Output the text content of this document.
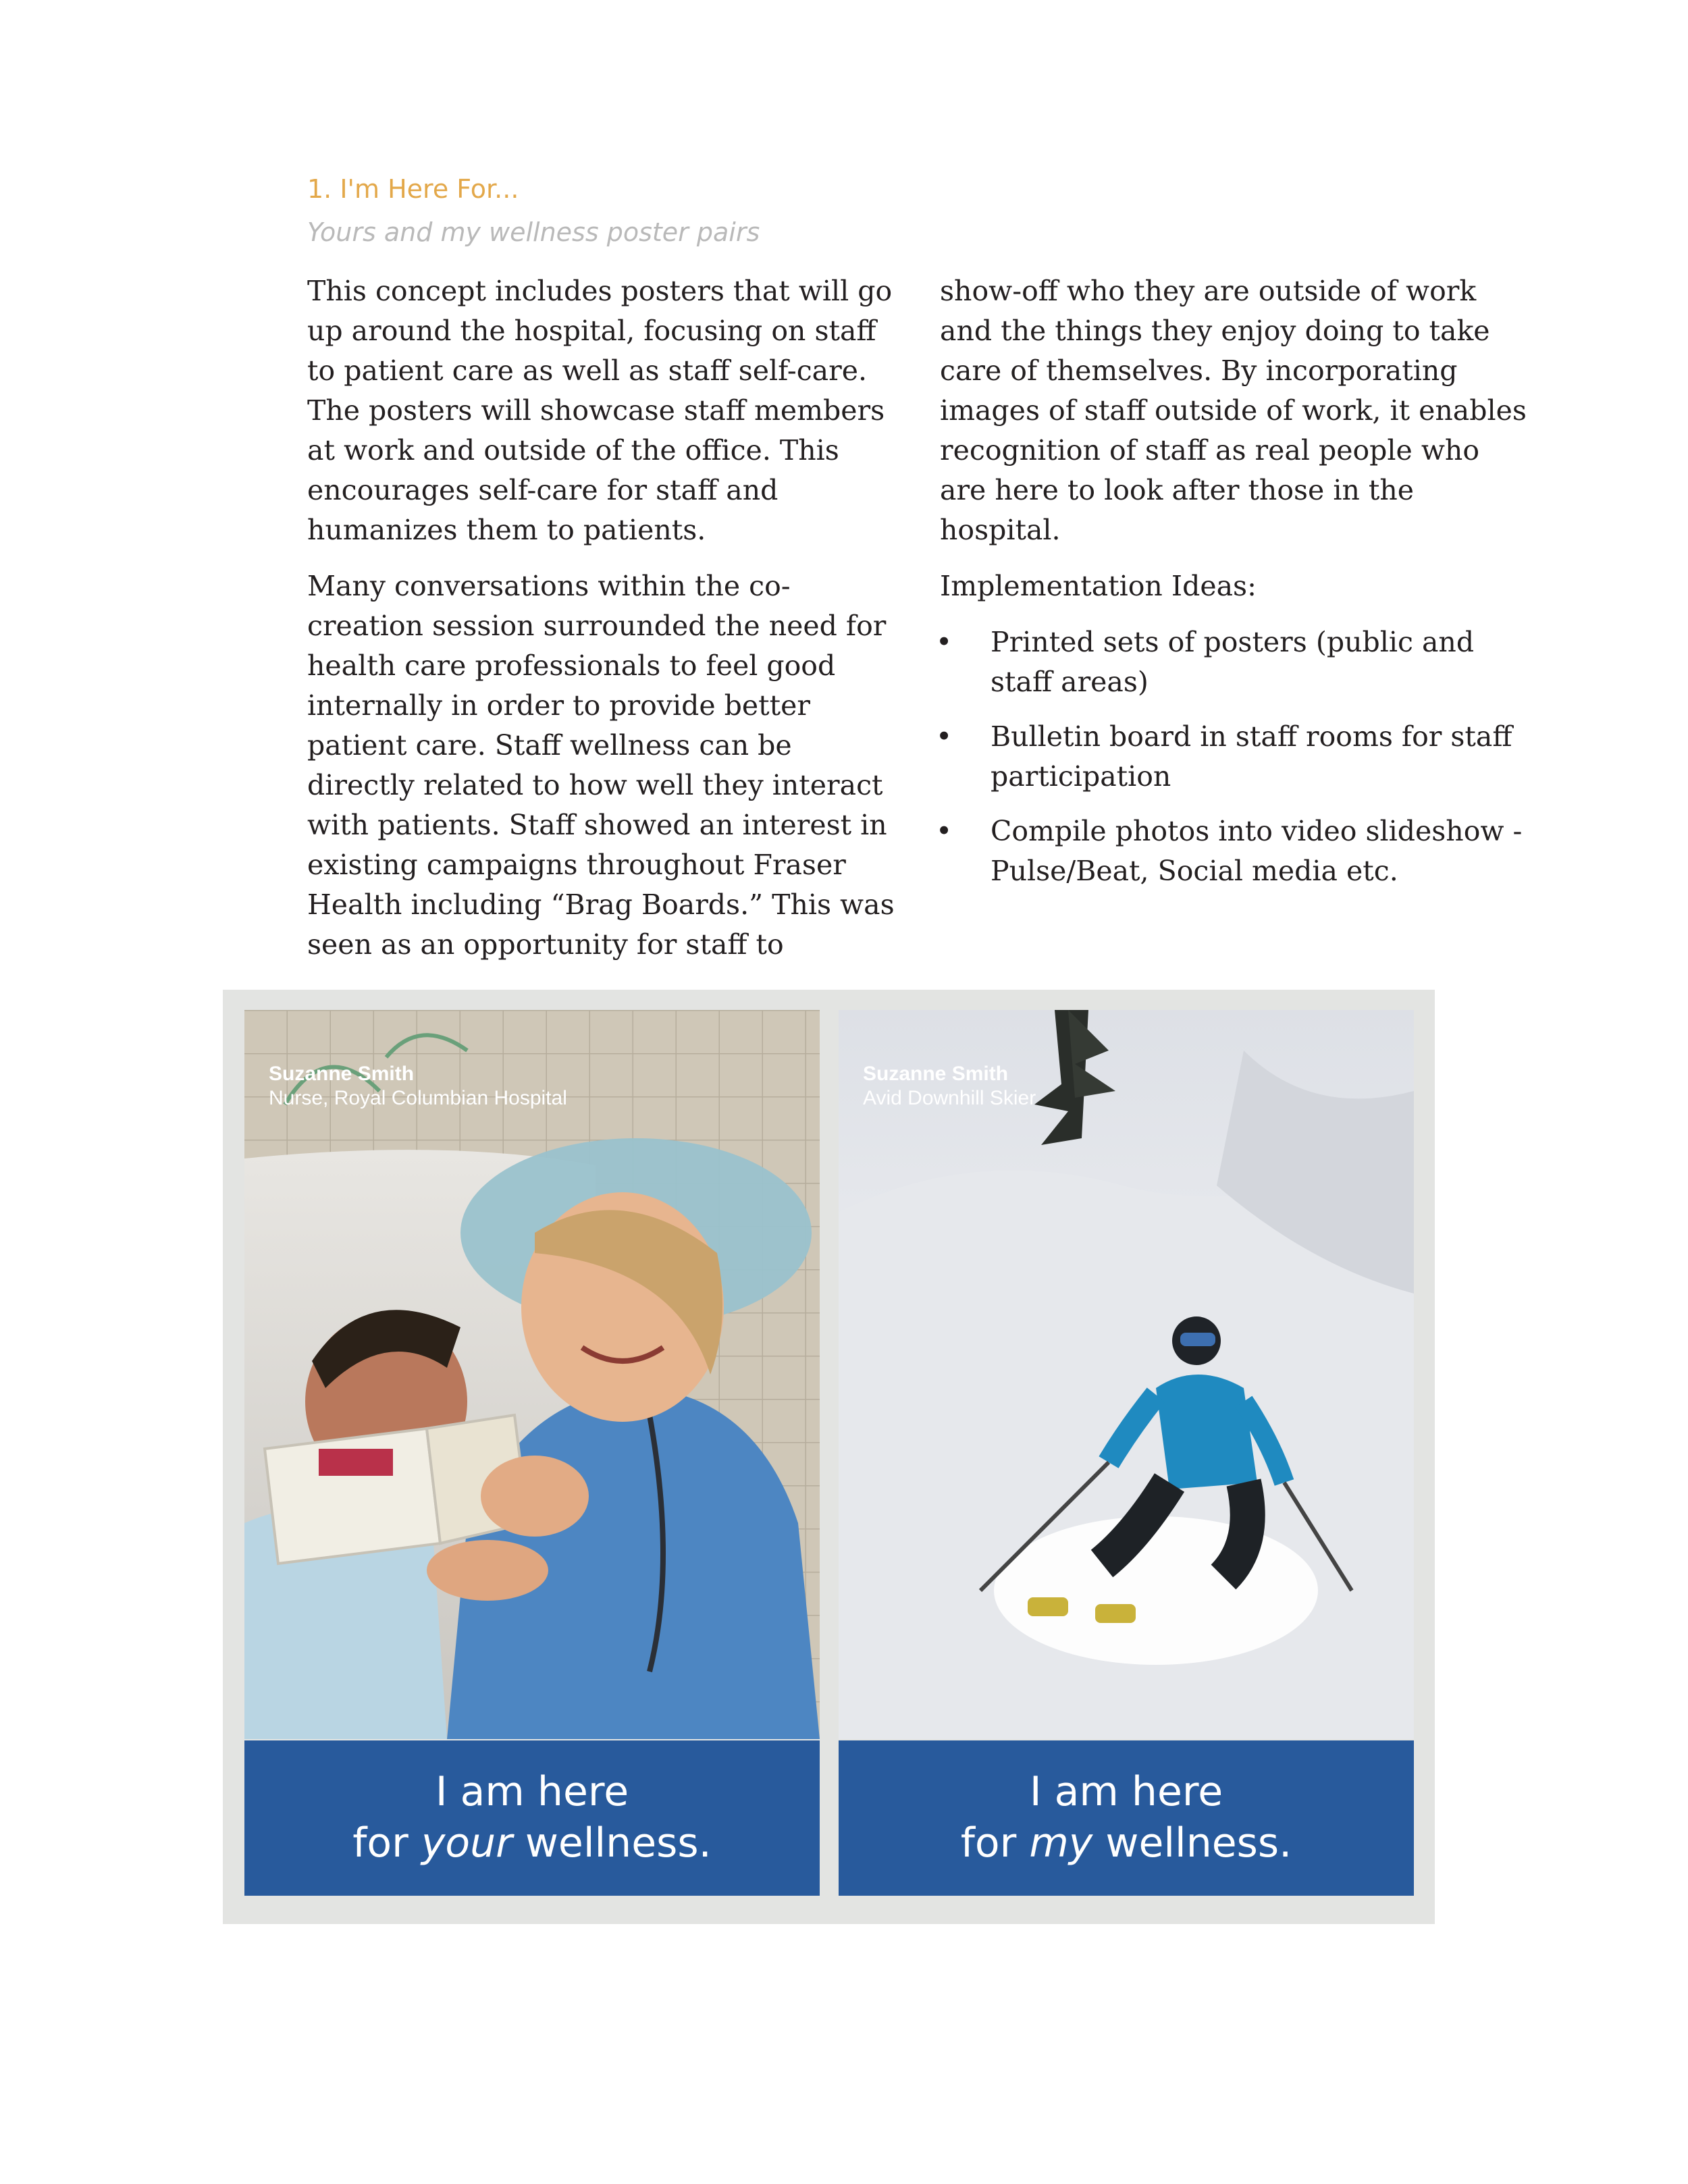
1. I'm Here For...
Yours and my wellness poster pairs

This concept includes posters that will go up around the hospital, focusing on staff to patient care as well as staff self-care. The posters will showcase staff members at work and outside of the office. This encourages self-care for staff and humanizes them to patients.

Many conversations within the co-creation session surrounded the need for health care professionals to feel good internally in order to provide better patient care. Staff wellness can be directly related to how well they interact with patients. Staff showed an interest in existing campaigns throughout Fraser Health including “Brag Boards.” This was seen as an opportunity for staff to

show-off who they are outside of work and the things they enjoy doing to take care of themselves. By incorporating images of staff outside of work, it enables recognition of staff as real people who are here to look after those in the hospital.

Implementation Ideas:

• Printed sets of posters (public and staff areas)
• Bulletin board in staff rooms for staff participation
• Compile photos into video slideshow - Pulse/Beat, Social media etc.
Suzanne Smith
Nurse, Royal Columbian Hospital
I am here
for your wellness.
Suzanne Smith
Avid Downhill Skier
I am here
for my wellness.
